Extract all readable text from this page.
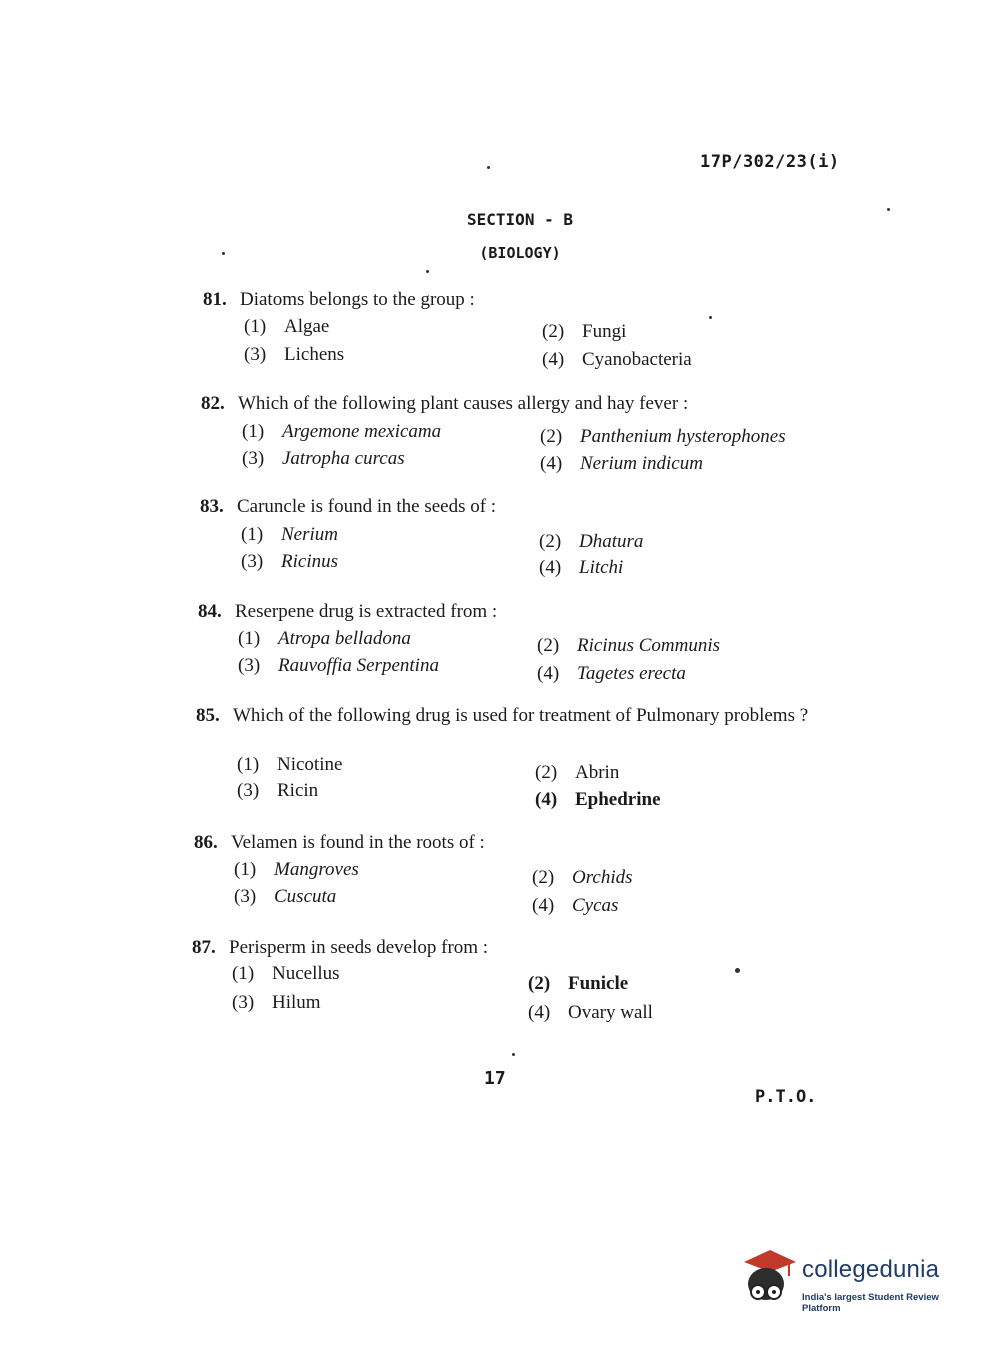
17P/302/23(i)
SECTION - B
(BIOLOGY)
81. Diatoms belongs to the group :
(1) Algae	(2) Fungi
(3) Lichens	(4) Cyanobacteria
82. Which of the following plant causes allergy and hay fever :
(1) Argemone mexicama	(2) Panthenium hysterophones
(3) Jatropha curcas	(4) Nerium indicum
83. Caruncle is found in the seeds of :
(1) Nerium	(2) Dhatura
(3) Ricinus	(4) Litchi
84. Reserpene drug is extracted from :
(1) Atropa belladona	(2) Ricinus Communis
(3) Rauvoffia Serpentina	(4) Tagetes erecta
85. Which of the following drug is used for treatment of Pulmonary problems ?
(1) Nicotine	(2) Abrin
(3) Ricin	(4) Ephedrine
86. Velamen is found in the roots of :
(1) Mangroves	(2) Orchids
(3) Cuscuta	(4) Cycas
87. Perisperm in seeds develop from :
(1) Nucellus	(2) Funicle
(3) Hilum	(4) Ovary wall
17
P.T.O.
collegedunia
India's largest Student Review Platform
